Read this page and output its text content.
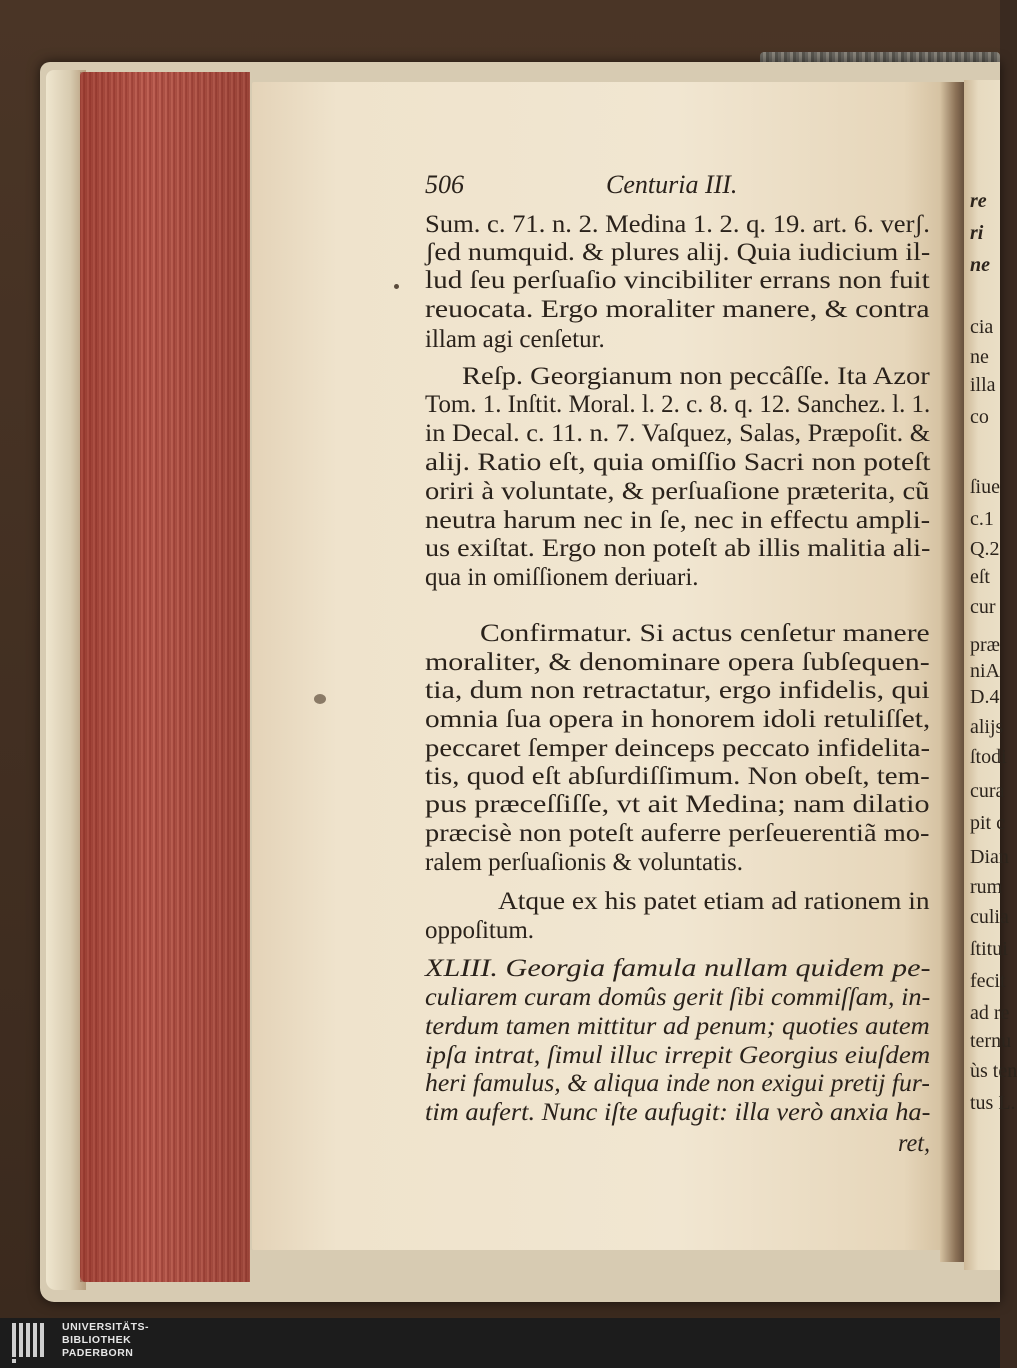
re
ri
ne
cia
ne
illa
co
ſiue
c.1
Q.2
eſt
cur
præ
niA
D.4
alijs
ſtodi
cura
pit c
Dian
rum
culia
ſtitui
fecit
ad re
ternu
ùs ten
tus L.
506	Centuria III.
Sum. c. 71. n. 2. Medina 1. 2. q. 19. art. 6. verʃ.
ʃed numquid. & plures alij. Quia iudicium il-
lud ſeu perſuaſio vincibiliter errans non fuit
reuocata. Ergo moraliter manere, & contra
illam agi cenſetur.
Reſp. Georgianum non peccâſſe. Ita Azor
Tom. 1. Inſtit. Moral. l. 2. c. 8. q. 12. Sanchez. l. 1.
in Decal. c. 11. n. 7. Vaſquez, Salas, Præpoſit. &
alij. Ratio eſt, quia omiſſio Sacri non poteſt
oriri à voluntate, & perſuaſione præterita, cũ
neutra harum nec in ſe, nec in effectu ampli-
us exiſtat. Ergo non poteſt ab illis malitia ali-
qua in omiſſionem deriuari.
Confirmatur. Si actus cenſetur manere
moraliter, & denominare opera ſubſequen-
tia, dum non retractatur, ergo infidelis, qui
omnia ſua opera in honorem idoli retuliſſet,
peccaret ſemper deinceps peccato infidelita-
tis, quod eſt abſurdiſſimum. Non obeſt, tem-
pus præceſſiſſe, vt ait Medina; nam dilatio
præcisè non poteſt auferre perſeuerentiã mo-
ralem perſuaſionis & voluntatis.
Atque ex his patet etiam ad rationem in
oppoſitum.
XLIII. Georgia famula nullam quidem pe-
culiarem curam domûs gerit ſibi commiſſam, in-
terdum tamen mittitur ad penum; quoties autem
ipſa intrat, ſimul illuc irrepit Georgius eiuſdem
heri famulus, & aliqua inde non exigui pretij fur-
tim aufert. Nunc iſte aufugit: illa verò anxia ha-
ret,
UNIVERSITÄTS-
BIBLIOTHEK
PADERBORN
